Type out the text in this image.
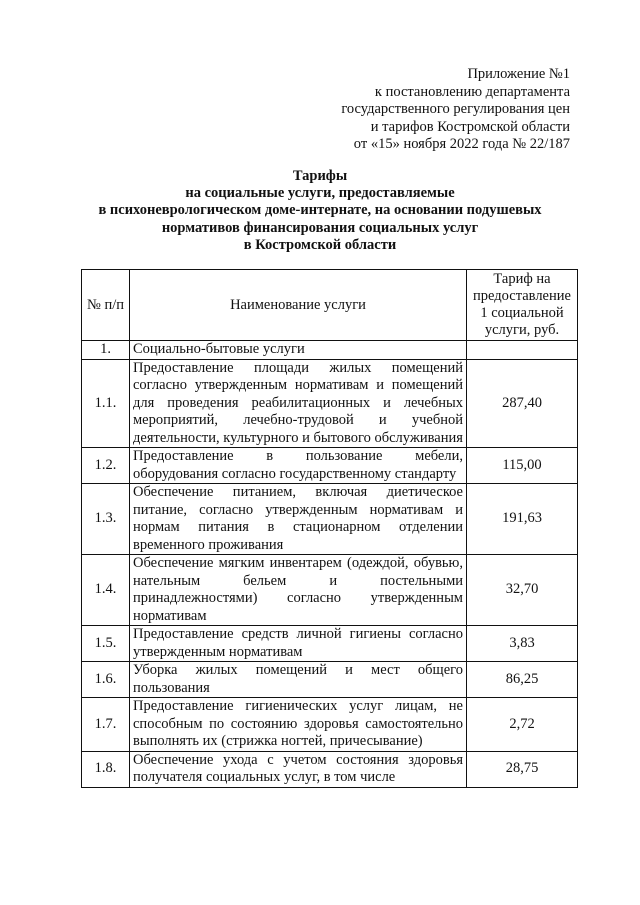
Приложение №1
к постановлению департамента
государственного регулирования цен
и тарифов Костромской области
от «15» ноября 2022 года № 22/187
Тарифы
на социальные услуги, предоставляемые
в психоневрологическом доме-интернате, на основании подушевых
нормативов финансирования социальных услуг
в Костромской области
№ п/п	Наименование услуги	Тариф на предоставление 1 социальной услуги, руб.
1.	Социально-бытовые услуги	
1.1.	Предоставление площади жилых помещений согласно утвержденным нормативам и помещений для проведения реабилитационных и лечебных мероприятий, лечебно-трудовой и учебной деятельности, культурного и бытового обслуживания	287,40
1.2.	Предоставление в пользование мебели, оборудования согласно государственному стандарту	115,00
1.3.	Обеспечение питанием, включая диетическое питание, согласно утвержденным нормативам и нормам питания в стационарном отделении временного проживания	191,63
1.4.	Обеспечение мягким инвентарем (одеждой, обувью, нательным бельем и постельными принадлежностями) согласно утвержденным нормативам	32,70
1.5.	Предоставление средств личной гигиены согласно утвержденным нормативам	3,83
1.6.	Уборка жилых помещений и мест общего пользования	86,25
1.7.	Предоставление гигиенических услуг лицам, не способным по состоянию здоровья самостоятельно выполнять их (стрижка ногтей, причесывание)	2,72
1.8.	Обеспечение ухода с учетом состояния здоровья получателя социальных услуг, в том числе	28,75
